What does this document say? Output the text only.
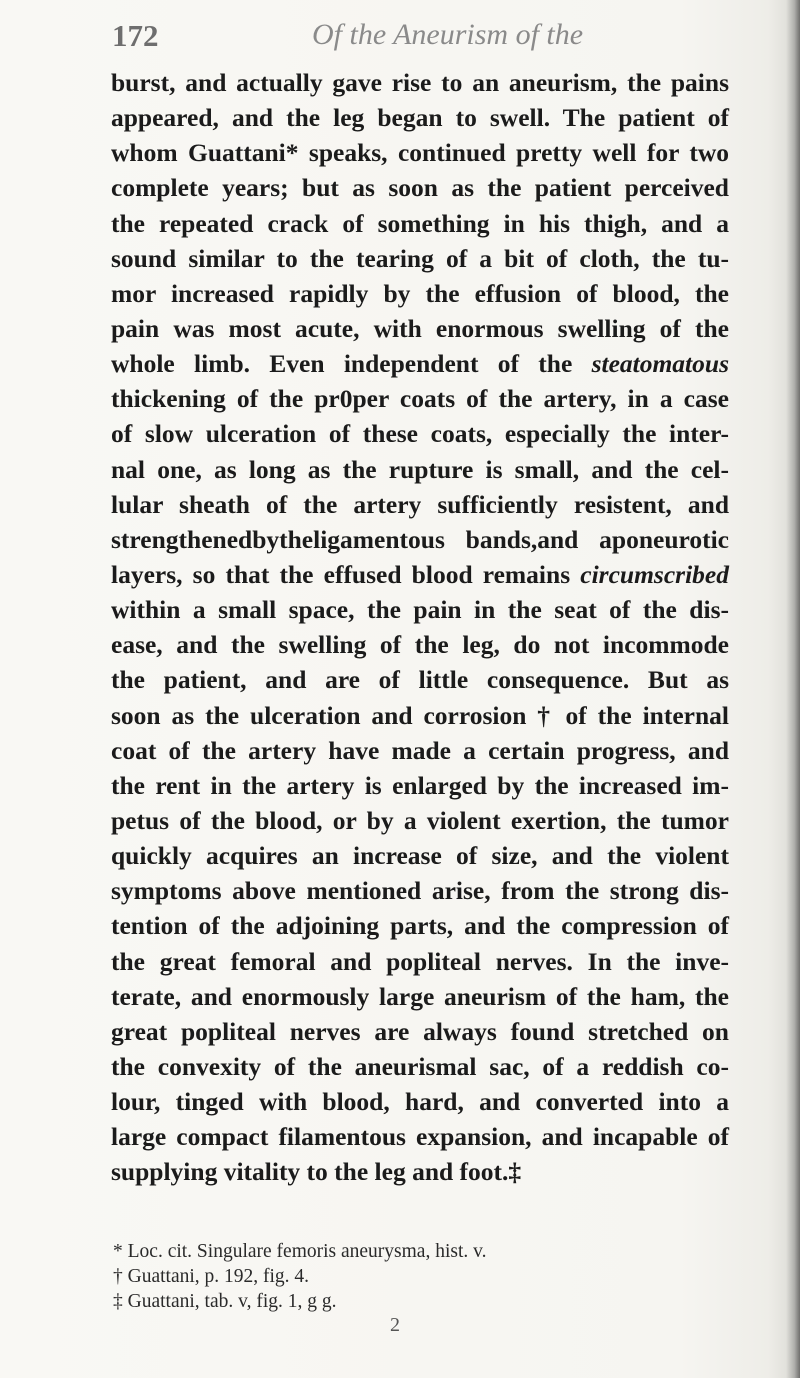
172	Of the Aneurism of the
burst, and actually gave rise to an aneurism, the pains
appeared, and the leg began to swell. The patient of
whom Guattani* speaks, continued pretty well for two
complete years; but as soon as the patient perceived
the repeated crack of something in his thigh, and a
sound similar to the tearing of a bit of cloth, the tu-
mor increased rapidly by the effusion of blood, the
pain was most acute, with enormous swelling of the
whole limb. Even independent of the steatomatous
thickening of the pr0per coats of the artery, in a case
of slow ulceration of these coats, especially the inter-
nal one, as long as the rupture is small, and the cel-
lular sheath of the artery sufficiently resistent, and
strengthenedbytheligamentous bands,and aponeurotic
layers, so that the effused blood remains circumscribed
within a small space, the pain in the seat of the dis-
ease, and the swelling of the leg, do not incommode
the patient, and are of little consequence. But as
soon as the ulceration and corrosion † of the internal
coat of the artery have made a certain progress, and
the rent in the artery is enlarged by the increased im-
petus of the blood, or by a violent exertion, the tumor
quickly acquires an increase of size, and the violent
symptoms above mentioned arise, from the strong dis-
tention of the adjoining parts, and the compression of
the great femoral and popliteal nerves. In the inve-
terate, and enormously large aneurism of the ham, the
great popliteal nerves are always found stretched on
the convexity of the aneurismal sac, of a reddish co-
lour, tinged with blood, hard, and converted into a
large compact filamentous expansion, and incapable of
supplying vitality to the leg and foot.‡
* Loc. cit. Singulare femoris aneurysma, hist. v.
† Guattani, p. 192, fig. 4.
‡ Guattani, tab. v, fig. 1, g g.
2
